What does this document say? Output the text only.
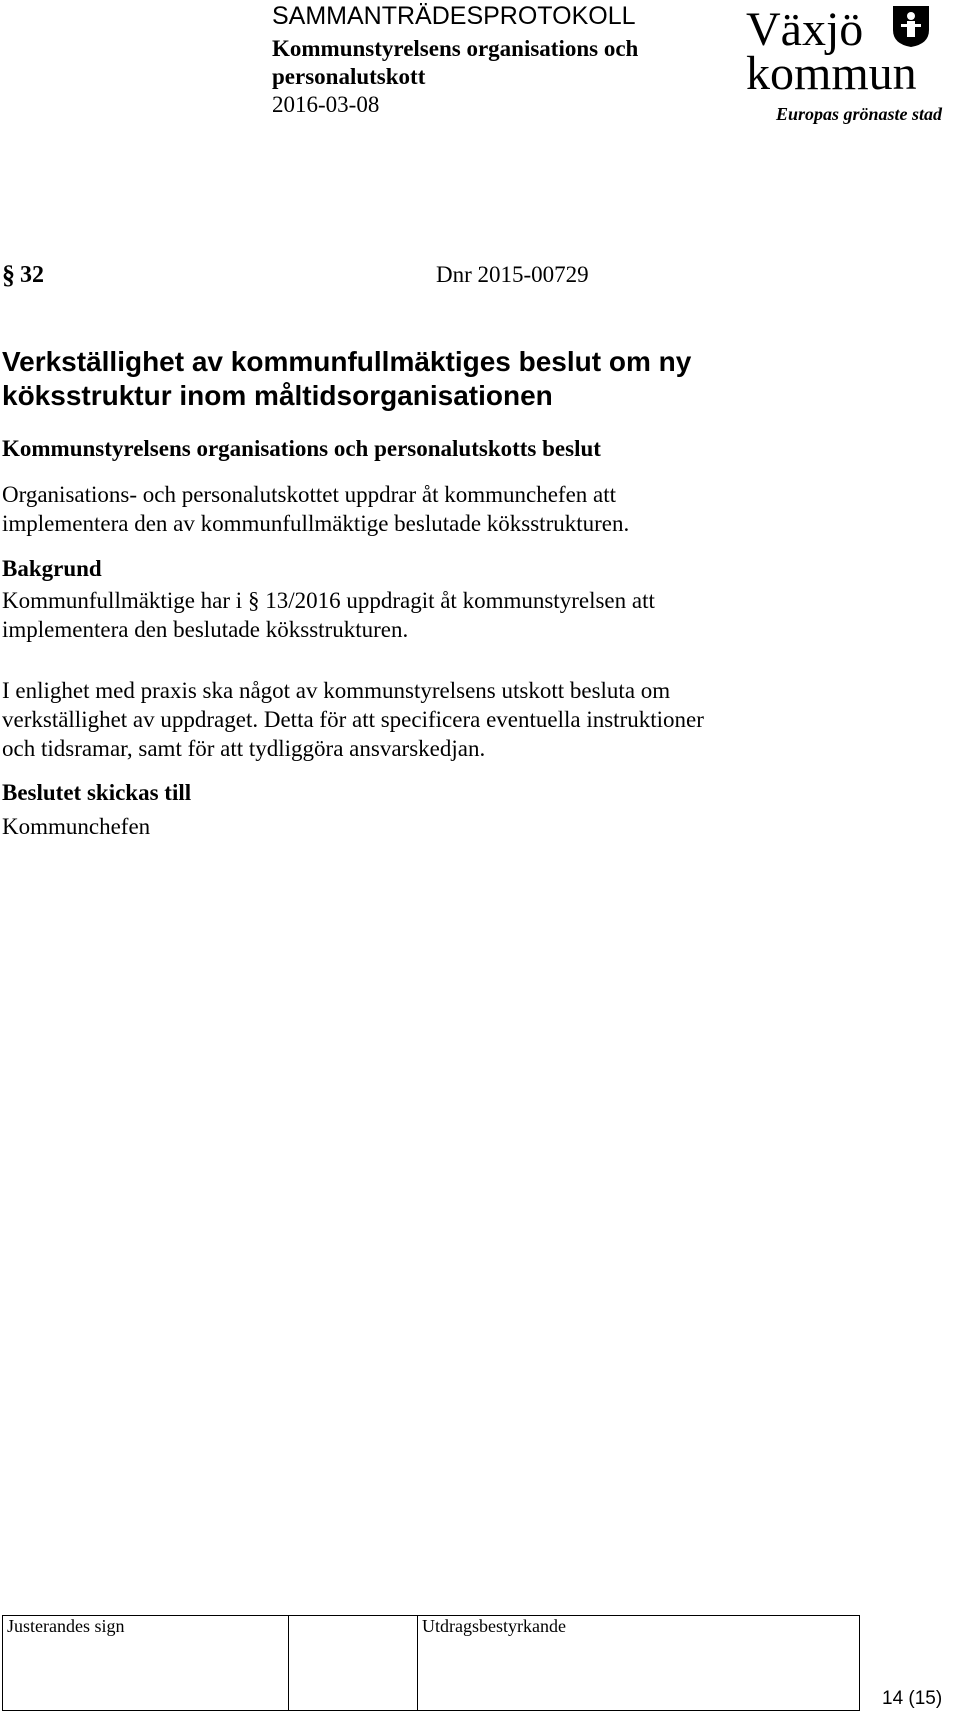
SAMMANTRÄDESPROTOKOLL
Kommunstyrelsens organisations och
personalutskott
2016-03-08
Växjö
kommun
Europas grönaste stad
§ 32	Dnr 2015-00729
Verkställighet av kommunfullmäktiges beslut om ny
köksstruktur inom måltidsorganisationen
Kommunstyrelsens organisations och personalutskotts beslut
Organisations- och personalutskottet uppdrar åt kommunchefen att
implementera den av kommunfullmäktige beslutade köksstrukturen.
Bakgrund
Kommunfullmäktige har i § 13/2016 uppdragit åt kommunstyrelsen att
implementera den beslutade köksstrukturen.
I enlighet med praxis ska något av kommunstyrelsens utskott besluta om
verkställighet av uppdraget. Detta för att specificera eventuella instruktioner
och tidsramar, samt för att tydliggöra ansvarskedjan.
Beslutet skickas till
Kommunchefen
Justerandes sign		Utdragsbestyrkande
14 (15)
